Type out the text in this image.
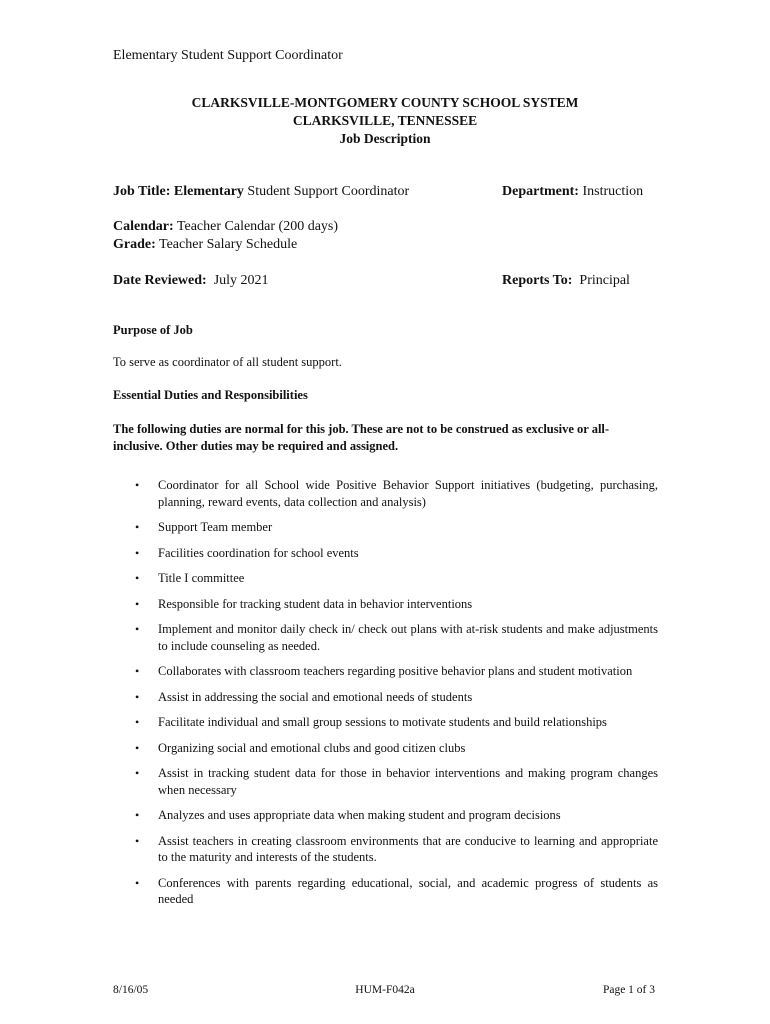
Elementary Student Support Coordinator
CLARKSVILLE-MONTGOMERY COUNTY SCHOOL SYSTEM
CLARKSVILLE, TENNESSEE
Job Description
Job Title: Elementary Student Support Coordinator	Department: Instruction
Calendar: Teacher Calendar (200 days)
Grade: Teacher Salary Schedule
Date Reviewed:  July 2021	Reports To:  Principal
Purpose of Job
To serve as coordinator of all student support.
Essential Duties and Responsibilities
The following duties are normal for this job. These are not to be construed as exclusive or all-inclusive. Other duties may be required and assigned.
• Coordinator for all School wide Positive Behavior Support initiatives (budgeting, purchasing, planning, reward events, data collection and analysis)
• Support Team member
• Facilities coordination for school events
• Title I committee
• Responsible for tracking student data in behavior interventions
• Implement and monitor daily check in/ check out plans with at-risk students and make adjustments to include counseling as needed.
• Collaborates with classroom teachers regarding positive behavior plans and student motivation
• Assist in addressing the social and emotional needs of students
• Facilitate individual and small group sessions to motivate students and build relationships
• Organizing social and emotional clubs and good citizen clubs
• Assist in tracking student data for those in behavior interventions and making program changes when necessary
• Analyzes and uses appropriate data when making student and program decisions
• Assist teachers in creating classroom environments that are conducive to learning and appropriate to the maturity and interests of the students.
• Conferences with parents regarding educational, social, and academic progress of students as needed
8/16/05	HUM-F042a	Page 1 of 3
